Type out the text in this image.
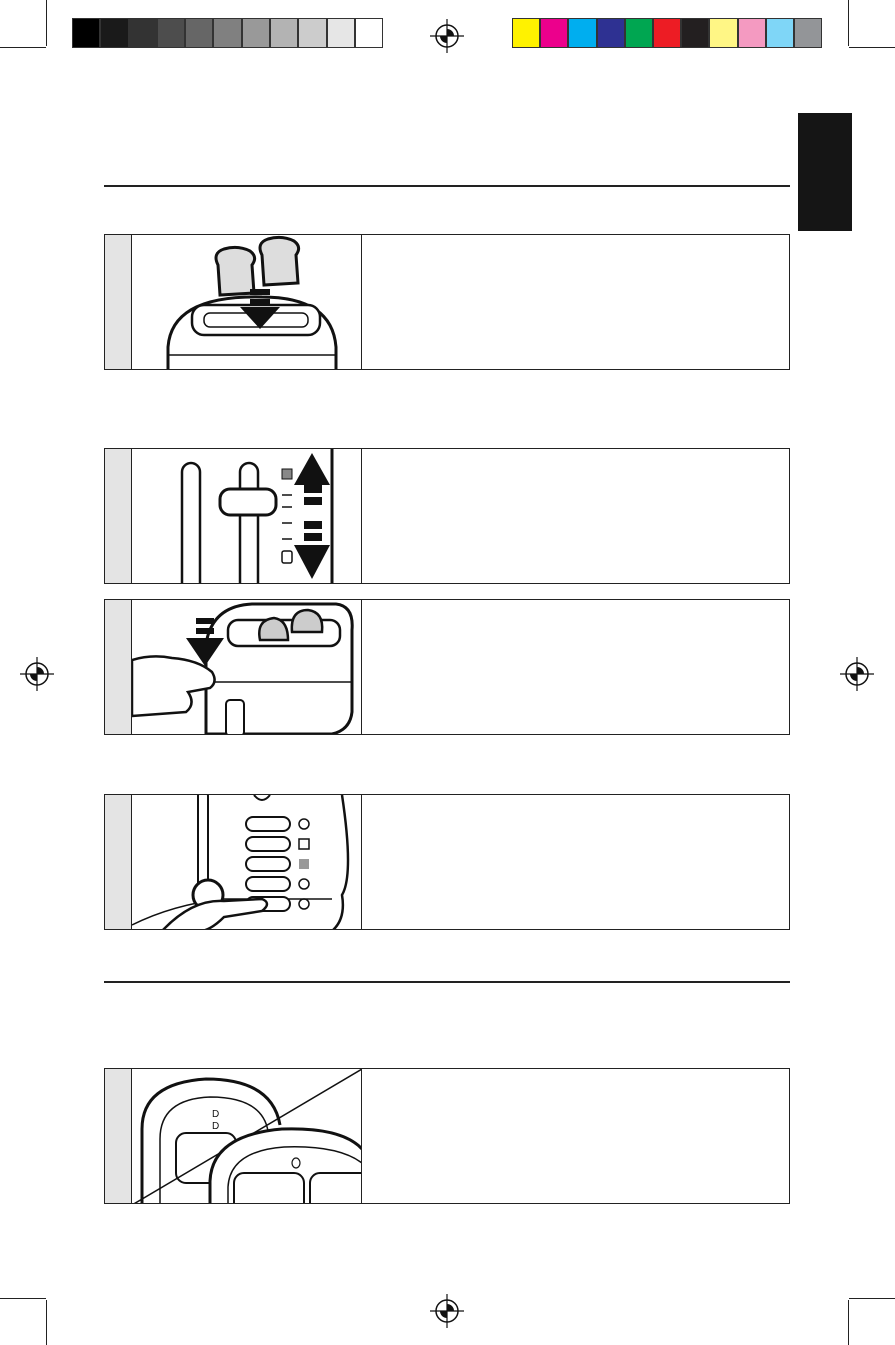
D
D
